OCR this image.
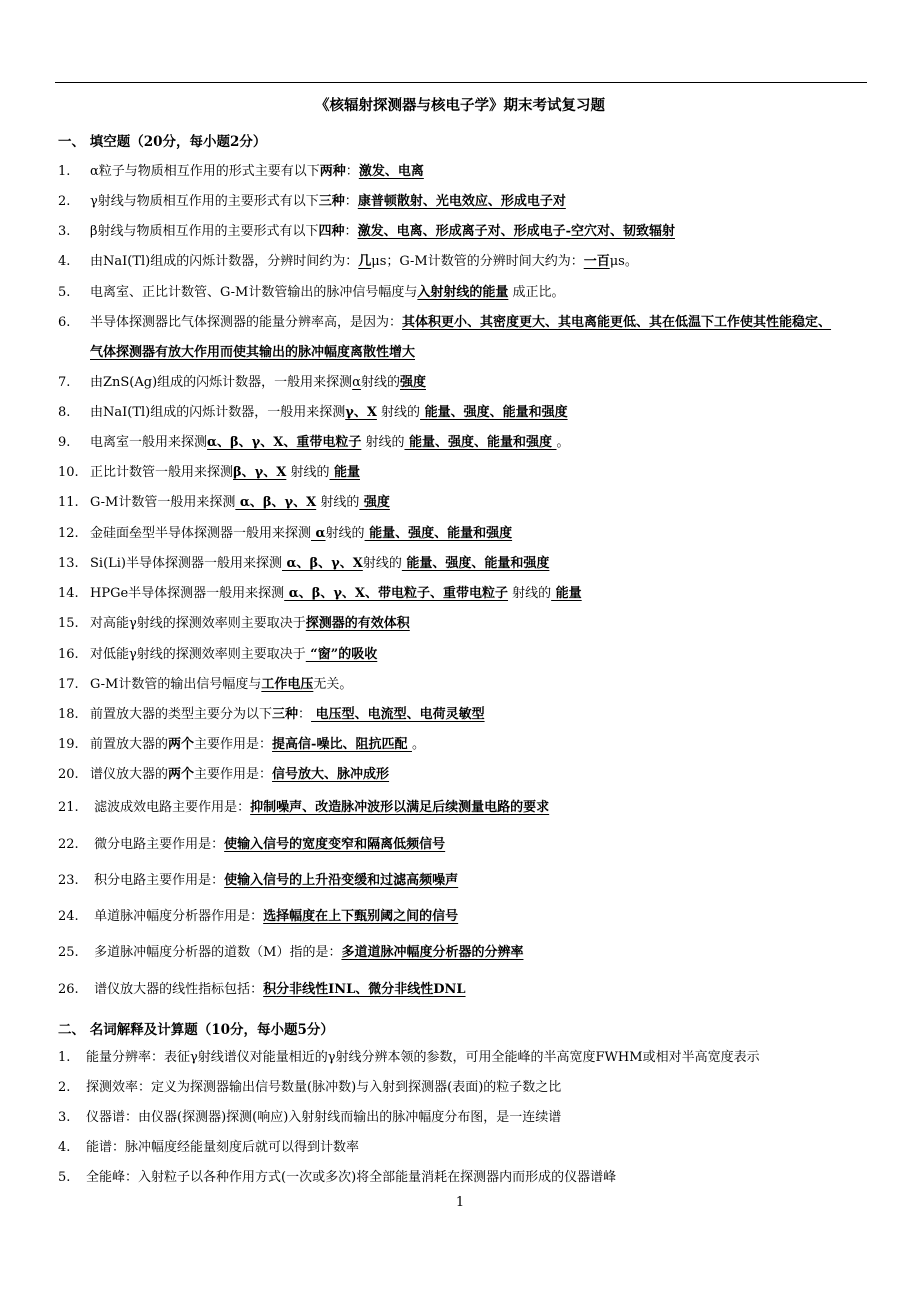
《核辐射探测器与核电子学》期末考试复习题
一、 填空题（20分，每小题2分）
1. α粒子与物质相互作用的形式主要有以下两种：激发、电离
2. γ射线与物质相互作用的主要形式有以下三种：康普顿散射、光电效应、形成电子对
3. β射线与物质相互作用的主要形式有以下四种：激发、电离、形成离子对、形成电子-空穴对、韧致辐射
4. 由NaI(Tl)组成的闪烁计数器，分辨时间约为：几μs；G-M计数管的分辨时间大约为：一百μs。
5. 电离室、正比计数管、G-M计数管输出的脉冲信号幅度与入射射线的能量 成正比。
6. 半导体探测器比气体探测器的能量分辨率高，是因为：其体积更小、其密度更大、其电离能更低、其在低温下工作使其性能稳定、
气体探测器有放大作用而使其输出的脉冲幅度离散性增大
7. 由ZnS(Ag)组成的闪烁计数器，一般用来探测α射线的强度
8. 由NaI(Tl)组成的闪烁计数器，一般用来探测γ、X 射线的 能量、强度、能量和强度
9. 电离室一般用来探测α、β、γ、X、重带电粒子 射线的 能量、强度、能量和强度 。
10. 正比计数管一般用来探测β、γ、X 射线的 能量
11. G-M计数管一般用来探测 α、β、γ、X 射线的 强度
12. 金硅面垒型半导体探测器一般用来探测 α射线的 能量、强度、能量和强度
13. Si(Li)半导体探测器一般用来探测 α、β、γ、X射线的 能量、强度、能量和强度
14. HPGe半导体探测器一般用来探测 α、β、γ、X、带电粒子、重带电粒子 射线的 能量
15. 对高能γ射线的探测效率则主要取决于探测器的有效体积
16. 对低能γ射线的探测效率则主要取决于 “窗”的吸收
17. G-M计数管的输出信号幅度与工作电压无关。
18. 前置放大器的类型主要分为以下三种： 电压型、电流型、电荷灵敏型
19. 前置放大器的两个主要作用是：提高信-噪比、阻抗匹配 。
20. 谱仪放大器的两个主要作用是：信号放大、脉冲成形
21. 滤波成效电路主要作用是：抑制噪声、改造脉冲波形以满足后续测量电路的要求
22. 微分电路主要作用是：使输入信号的宽度变窄和隔离低频信号
23. 积分电路主要作用是：使输入信号的上升沿变缓和过滤高频噪声
24. 单道脉冲幅度分析器作用是：选择幅度在上下甄别阈之间的信号
25. 多道脉冲幅度分析器的道数（M）指的是：多道道脉冲幅度分析器的分辨率
26. 谱仪放大器的线性指标包括：积分非线性INL、微分非线性DNL
二、 名词解释及计算题（10分，每小题5分）
1. 能量分辨率：表征γ射线谱仪对能量相近的γ射线分辨本领的参数，可用全能峰的半高宽度FWHM或相对半高宽度表示
2. 探测效率：定义为探测器输出信号数量(脉冲数)与入射到探测器(表面)的粒子数之比
3. 仪器谱：由仪器(探测器)探测(响应)入射射线而输出的脉冲幅度分布图，是一连续谱
4. 能谱：脉冲幅度经能量刻度后就可以得到计数率
5. 全能峰：入射粒子以各种作用方式(一次或多次)将全部能量消耗在探测器内而形成的仪器谱峰
1
